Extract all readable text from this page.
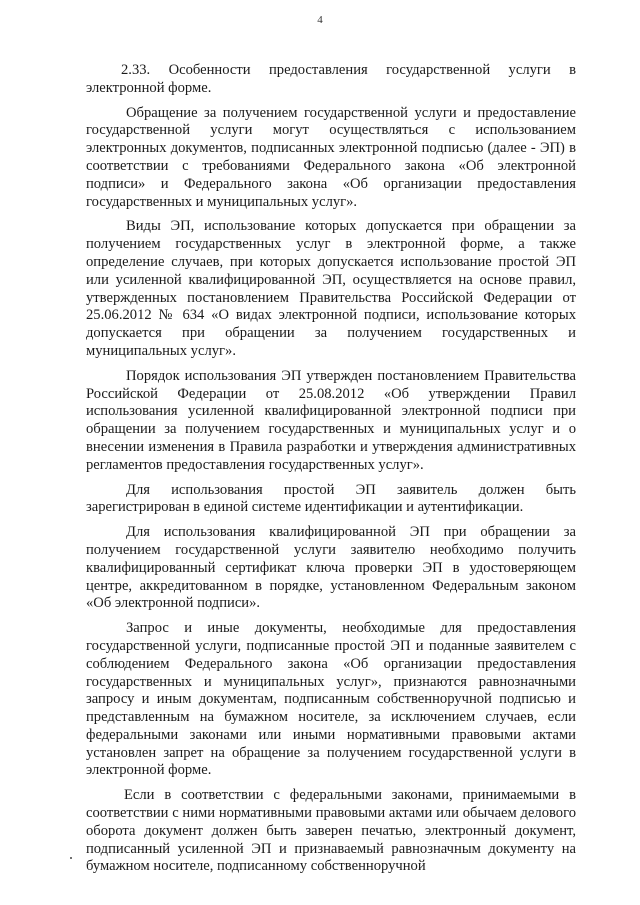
4

2.33. Особенности предоставления государственной услуги в электронной форме.

Обращение за получением государственной услуги и предоставление государственной услуги могут осуществляться с использованием электронных документов, подписанных электронной подписью (далее - ЭП) в соответствии с требованиями Федерального закона «Об электронной подписи» и Федерального закона «Об организации предоставления государственных и муниципальных услуг».

Виды ЭП, использование которых допускается при обращении за получением государственных услуг в электронной форме, а также определение случаев, при которых допускается использование простой ЭП или усиленной квалифицированной ЭП, осуществляется на основе правил, утвержденных постановлением Правительства Российской Федерации от 25.06.2012 № 634 «О видах электронной подписи, использование которых допускается при обращении за получением государственных и муниципальных услуг».

Порядок использования ЭП утвержден постановлением Правительства Российской Федерации от 25.08.2012 «Об утверждении Правил использования усиленной квалифицированной электронной подписи при обращении за получением государственных и муниципальных услуг и о внесении изменения в Правила разработки и утверждения административных регламентов предоставления государственных услуг».

Для использования простой ЭП заявитель должен быть зарегистрирован в единой системе идентификации и аутентификации.

Для использования квалифицированной ЭП при обращении за получением государственной услуги заявителю необходимо получить квалифицированный сертификат ключа проверки ЭП в удостоверяющем центре, аккредитованном в порядке, установленном Федеральным законом «Об электронной подписи».

Запрос и иные документы, необходимые для предоставления государственной услуги, подписанные простой ЭП и поданные заявителем с соблюдением Федерального закона «Об организации предоставления государственных и муниципальных услуг», признаются равнозначными запросу и иным документам, подписанным собственноручной подписью и представленным на бумажном носителе, за исключением случаев, если федеральными законами или иными нормативными правовыми актами установлен запрет на обращение за получением государственной услуги в электронной форме.

Если в соответствии с федеральными законами, принимаемыми в соответствии с ними нормативными правовыми актами или обычаем делового оборота документ должен быть заверен печатью, электронный документ, подписанный усиленной ЭП и признаваемый равнозначным документу на бумажном носителе, подписанному собственноручной
